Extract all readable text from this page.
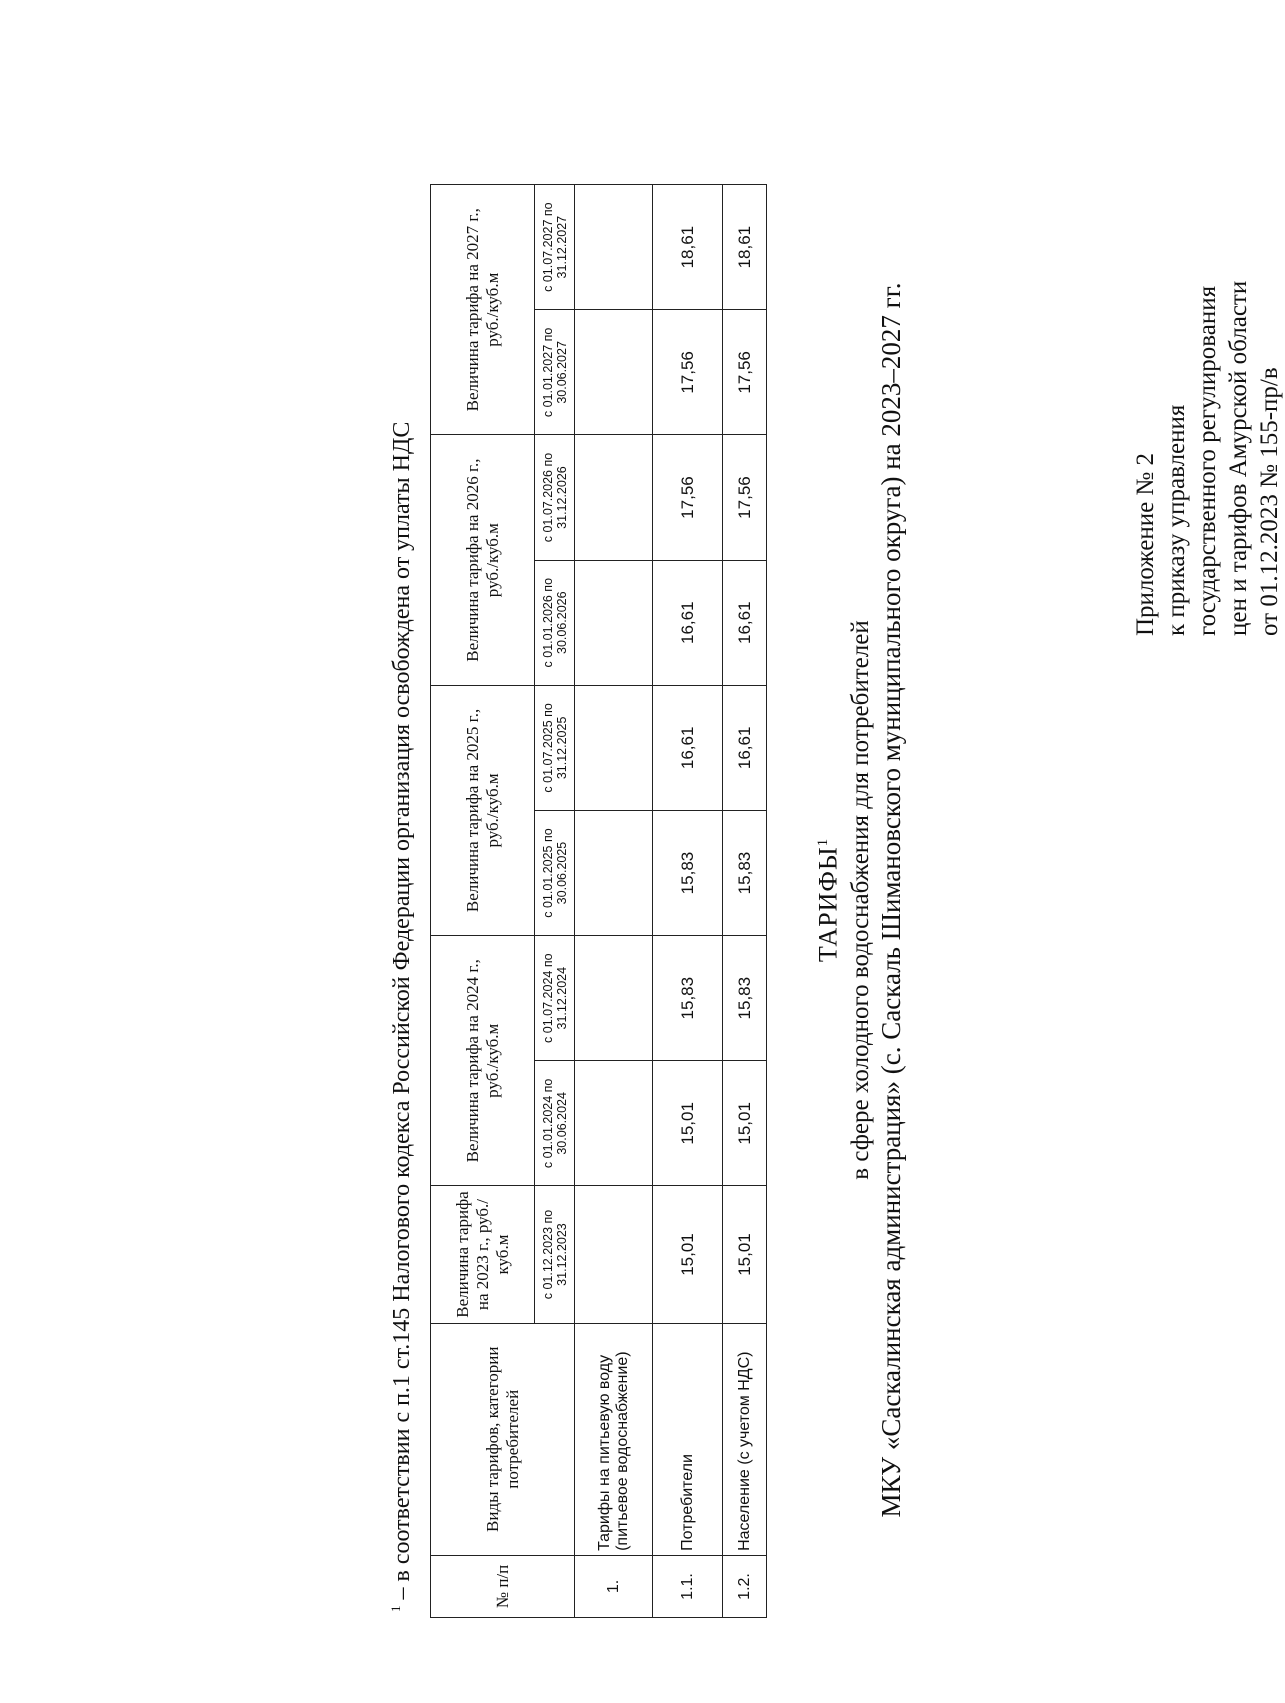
Приложение № 2 к приказу управления государственного регулирования цен и тарифов Амурской области от 01.12.2023 № 155-пр/в
ТАРИФЫ$^1$ в сфере холодного водоснабжения для потребителей МКУ «Саскалинская администрация» (с. Саскаль Шимановского муниципального округа) на 2023–2027 гг.
№ п/п	Виды тарифов, категории потребителей	Величина тарифа на 2023 г., руб./куб.м	Величина тарифа на 2024 г., руб./куб.м		Величина тарифа на 2025 г., руб./куб.м		Величина тарифа на 2026 г., руб./куб.м		Величина тарифа на 2027 г., руб./куб.м	
		с 01.12.2023 по 31.12.2023	с 01.01.2024 по 30.06.2024	с 01.07.2024 по 31.12.2024	с 01.01.2025 по 30.06.2025	с 01.07.2025 по 31.12.2025	с 01.01.2026 по 30.06.2026	с 01.07.2026 по 31.12.2026	с 01.01.2027 по 30.06.2027	с 01.07.2027 по 31.12.2027
1.	Тарифы на питьевую воду (питьевое водоснабжение)									
1.1.	Потребители	15,01	15,01	15,83	15,83	16,61	16,61	17,56	17,56	18,61
1.2.	Население (с учетом НДС)	15,01	15,01	15,83	15,83	16,61	16,61	17,56	17,56	18,61
$^1$ – в соответствии с п.1 ст.145 Налогового кодекса Российской Федерации организация освобождена от уплаты НДС
